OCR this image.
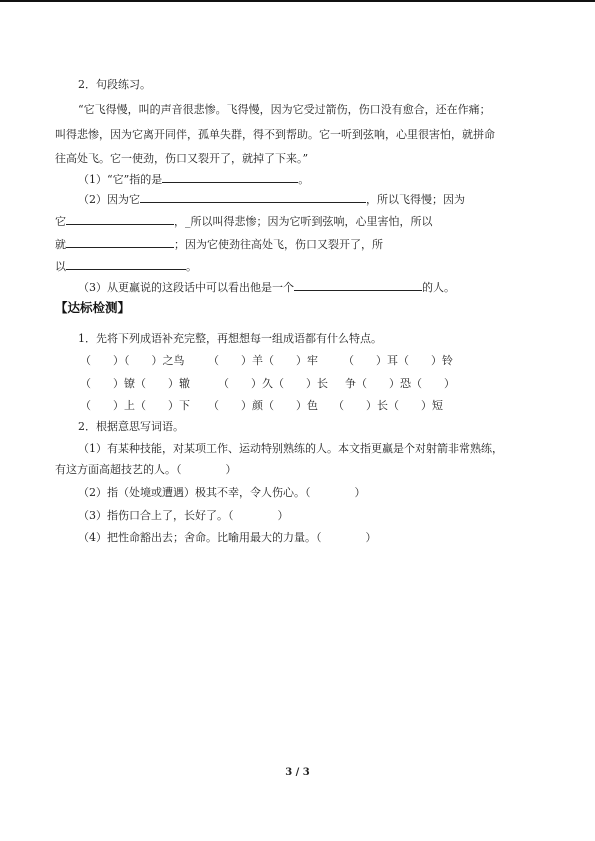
2．句段练习。
“它飞得慢，叫的声音很悲惨。飞得慢，因为它受过箭伤，伤口没有愈合，还在作痛；
叫得悲惨，因为它离开同伴，孤单失群，得不到帮助。它一听到弦响，心里很害怕，就拼命
往高处飞。它一使劲，伤口又裂开了，就掉了下来。”
（1）“它”指的是	。
（2）因为它	，所以飞得慢；因为
它	，_所以叫得悲惨；因为它听到弦响，心里害怕，所以
就	；因为它使劲往高处飞，伤口又裂开了，所
以	。
（3）从更羸说的这段话中可以看出他是一个	的人。
【达标检测】
1．先将下列成语补充完整，再想想每一组成语都有什么特点。
（　　）（　　）之鸟 （　　）羊（　　）牢 （　　）耳（　　）铃
（　　）镣（　　）辙	（　　）久（　　）长 争（　　）恐（　　）
（　　）上（　　）下 （　　）颜（　　）色 （　　）长（　　）短
2．根据意思写词语。
（1）有某种技能，对某项工作、运动特别熟练的人。本文指更羸是个对射箭非常熟练，
有这方面高超技艺的人。（　　　　）
（2）指（处境或遭遇）极其不幸，令人伤心。（　　　　）
（3）指伤口合上了，长好了。（　　　　）
（4）把性命豁出去；舍命。比喻用最大的力量。（　　　　）
3 / 3
